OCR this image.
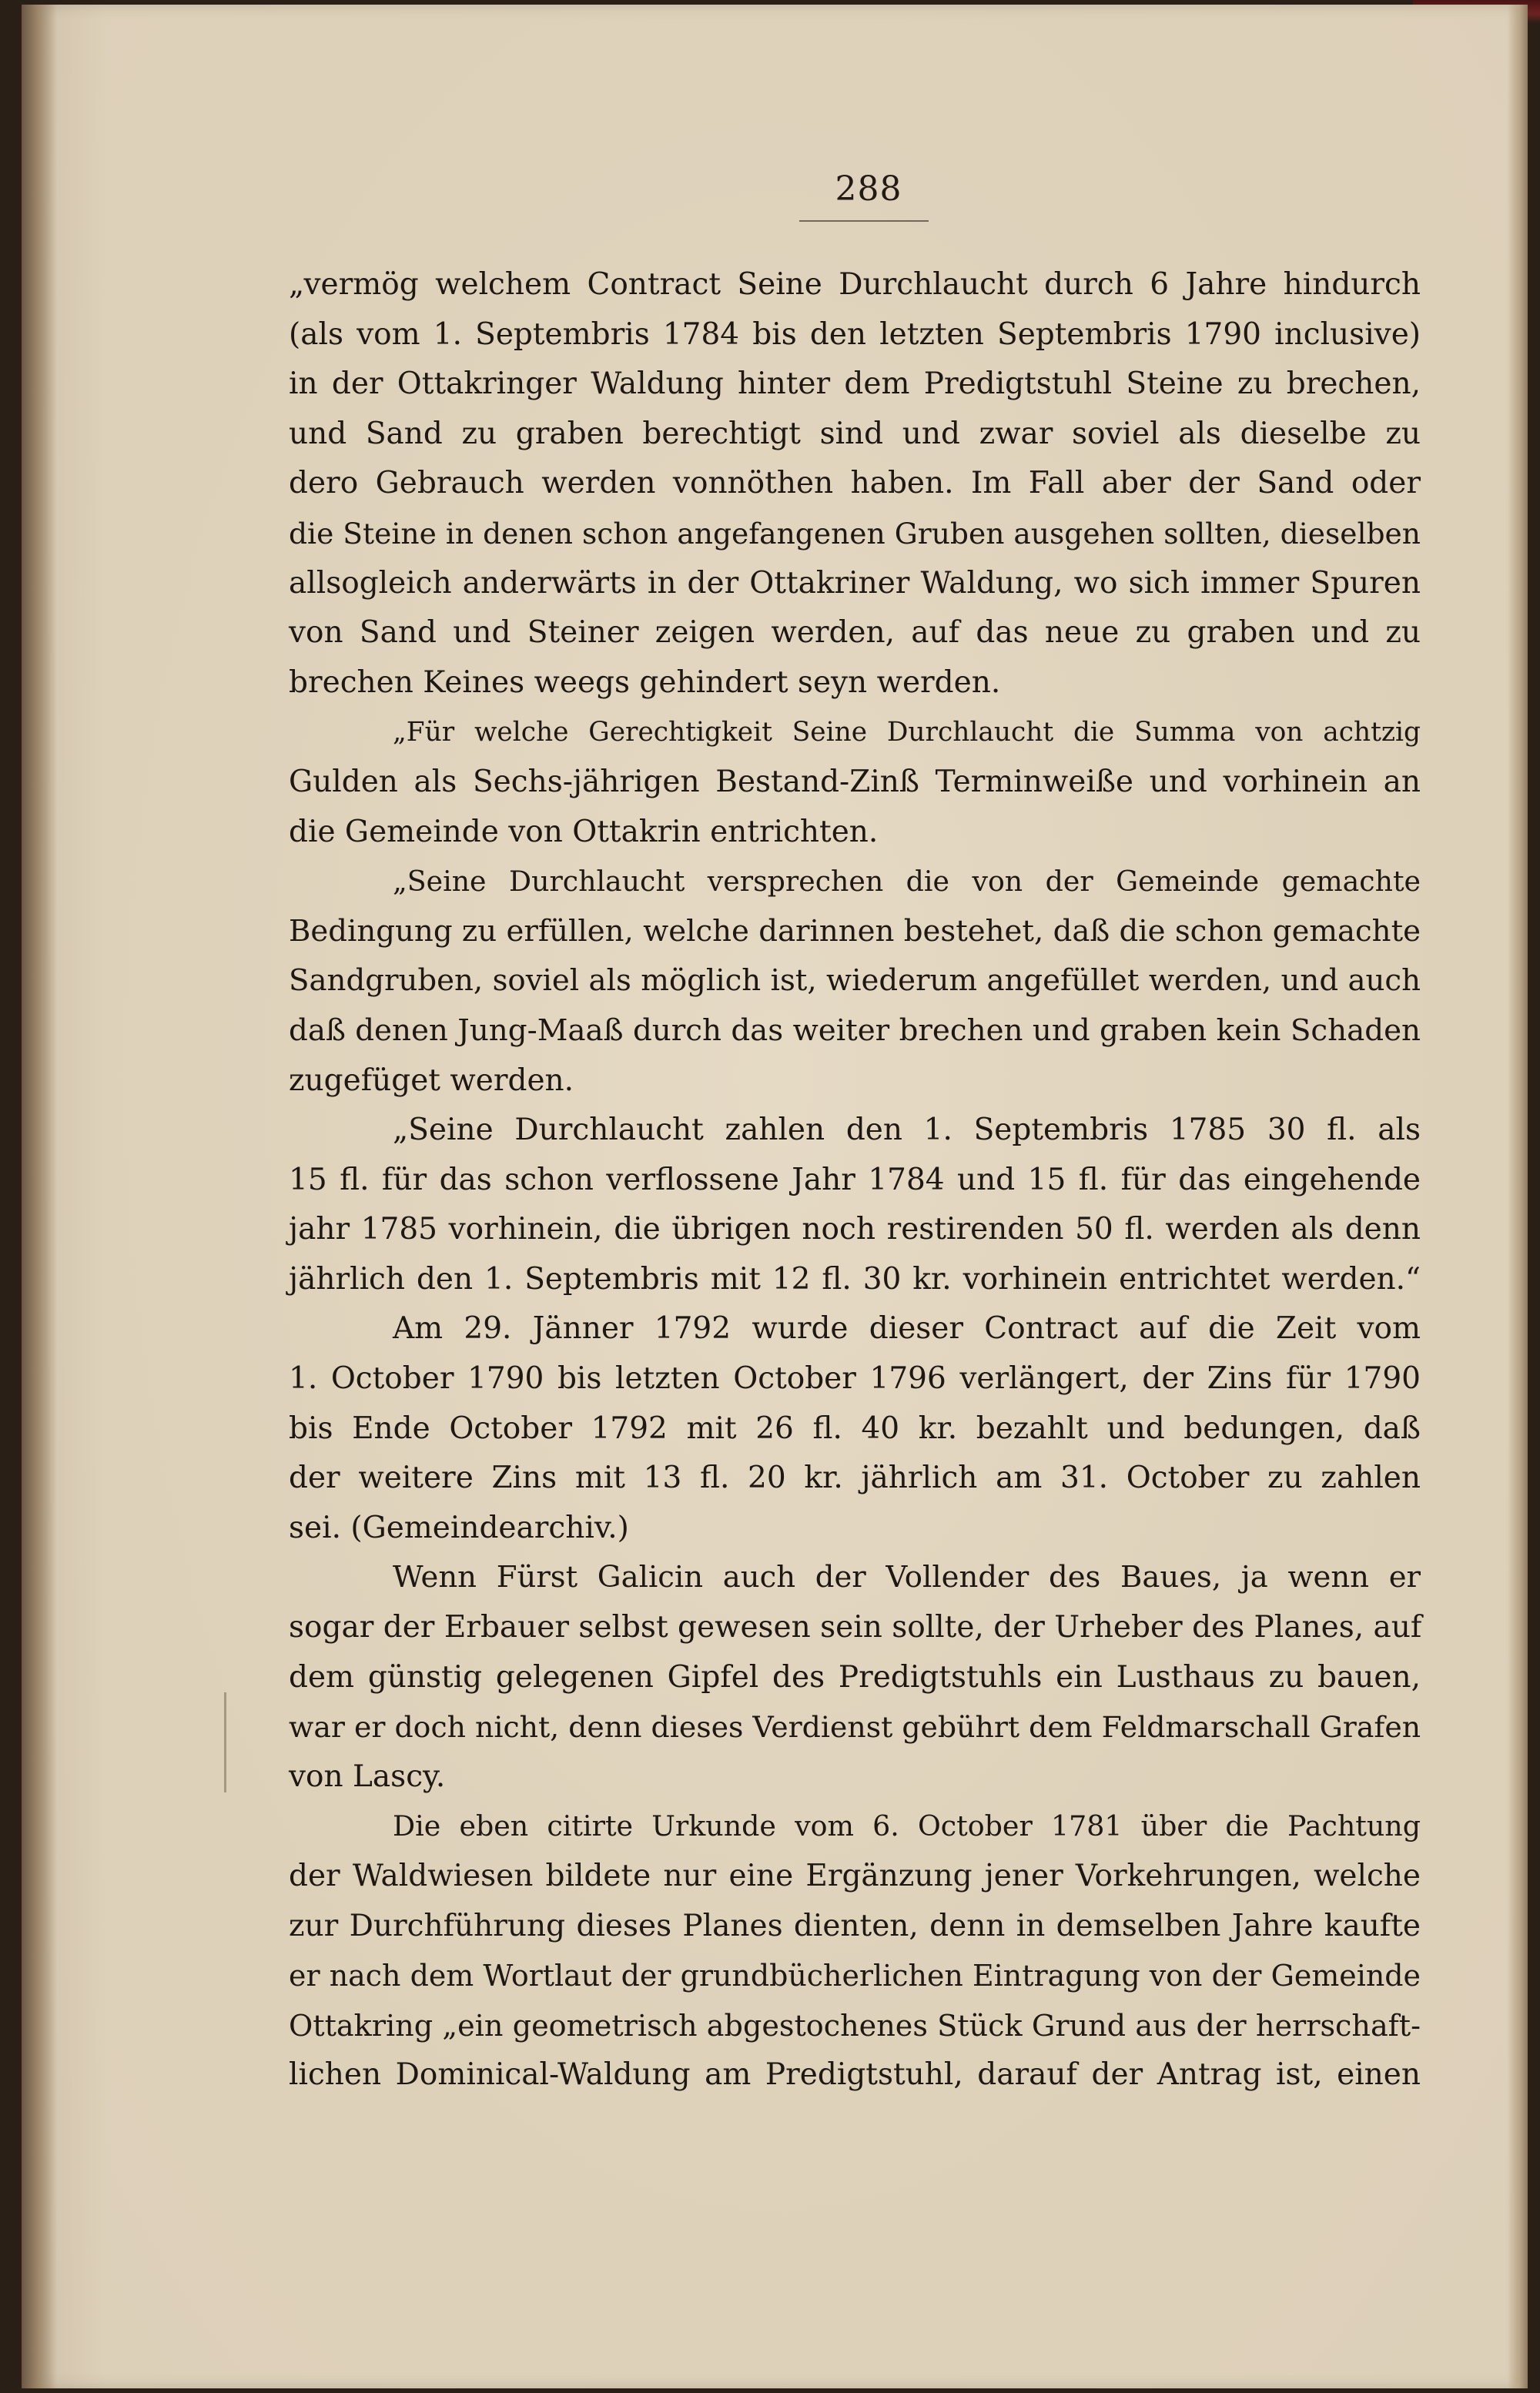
288
„vermög welchem Contract Seine Durchlaucht durch 6 Jahre hindurch
(als vom 1. Septembris 1784 bis den letzten Septembris 1790 inclusive)
in der Ottakringer Waldung hinter dem Predigtstuhl Steine zu brechen,
und Sand zu graben berechtigt sind und zwar soviel als dieselbe zu
dero Gebrauch werden vonnöthen haben. Im Fall aber der Sand oder
die Steine in denen schon angefangenen Gruben ausgehen sollten, dieselben
allsogleich anderwärts in der Ottakriner Waldung, wo sich immer Spuren
von Sand und Steiner zeigen werden, auf das neue zu graben und zu
brechen Keines weegs gehindert seyn werden.
„Für welche Gerechtigkeit Seine Durchlaucht die Summa von achtzig
Gulden als Sechs-jährigen Bestand-Zinß Terminweiße und vorhinein an
die Gemeinde von Ottakrin entrichten.
„Seine Durchlaucht versprechen die von der Gemeinde gemachte
Bedingung zu erfüllen, welche darinnen bestehet, daß die schon gemachte
Sandgruben, soviel als möglich ist, wiederum angefüllet werden, und auch
daß denen Jung-Maaß durch das weiter brechen und graben kein Schaden
zugefüget werden.
„Seine Durchlaucht zahlen den 1. Septembris 1785 30 fl. als
15 fl. für das schon verflossene Jahr 1784 und 15 fl. für das eingehende
jahr 1785 vorhinein, die übrigen noch restirenden 50 fl. werden als denn
jährlich den 1. Septembris mit 12 fl. 30 kr. vorhinein entrichtet werden.“
Am 29. Jänner 1792 wurde dieser Contract auf die Zeit vom
1. October 1790 bis letzten October 1796 verlängert, der Zins für 1790
bis Ende October 1792 mit 26 fl. 40 kr. bezahlt und bedungen, daß
der weitere Zins mit 13 fl. 20 kr. jährlich am 31. October zu zahlen
sei. (Gemeindearchiv.)
Wenn Fürst Galicin auch der Vollender des Baues, ja wenn er
sogar der Erbauer selbst gewesen sein sollte, der Urheber des Planes, auf
dem günstig gelegenen Gipfel des Predigtstuhls ein Lusthaus zu bauen,
war er doch nicht, denn dieses Verdienst gebührt dem Feldmarschall Grafen
von Lascy.
Die eben citirte Urkunde vom 6. October 1781 über die Pachtung
der Waldwiesen bildete nur eine Ergänzung jener Vorkehrungen, welche
zur Durchführung dieses Planes dienten, denn in demselben Jahre kaufte
er nach dem Wortlaut der grundbücherlichen Eintragung von der Gemeinde
Ottakring „ein geometrisch abgestochenes Stück Grund aus der herrschaft-
lichen Dominical-Waldung am Predigtstuhl, darauf der Antrag ist, einen
